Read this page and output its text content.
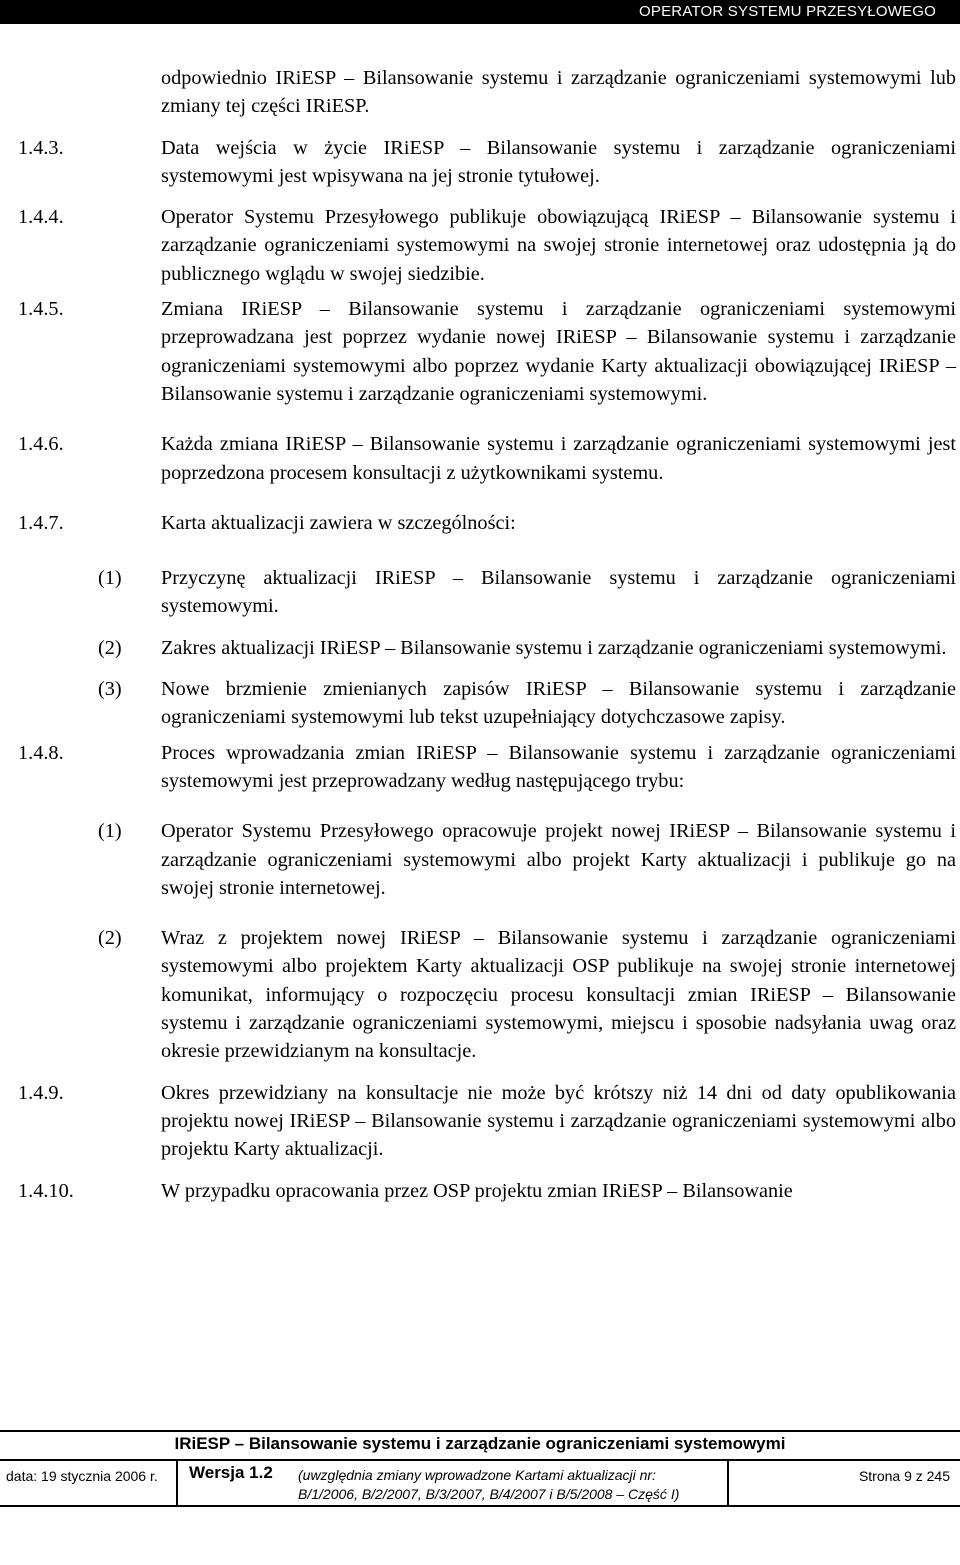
OPERATOR SYSTEMU PRZESYŁOWEGO
odpowiednio IRiESP – Bilansowanie systemu i zarządzanie ograniczeniami systemowymi lub zmiany tej części IRiESP.
1.4.3.	Data wejścia w życie IRiESP – Bilansowanie systemu i zarządzanie ograniczeniami systemowymi jest wpisywana na jej stronie tytułowej.
1.4.4.	Operator Systemu Przesyłowego publikuje obowiązującą IRiESP – Bilansowanie systemu i zarządzanie ograniczeniami systemowymi na swojej stronie internetowej oraz udostępnia ją do publicznego wglądu w swojej siedzibie.
1.4.5.	Zmiana IRiESP – Bilansowanie systemu i zarządzanie ograniczeniami systemowymi przeprowadzana jest poprzez wydanie nowej IRiESP – Bilansowanie systemu i zarządzanie ograniczeniami systemowymi albo poprzez wydanie Karty aktualizacji obowiązującej IRiESP – Bilansowanie systemu i zarządzanie ograniczeniami systemowymi.
1.4.6.	Każda zmiana IRiESP – Bilansowanie systemu i zarządzanie ograniczeniami systemowymi jest poprzedzona procesem konsultacji z użytkownikami systemu.
1.4.7.	Karta aktualizacji zawiera w szczególności:
(1) Przyczynę aktualizacji IRiESP – Bilansowanie systemu i zarządzanie ograniczeniami systemowymi.
(2) Zakres aktualizacji IRiESP – Bilansowanie systemu i zarządzanie ograniczeniami systemowymi.
(3) Nowe brzmienie zmienianych zapisów IRiESP – Bilansowanie systemu i zarządzanie ograniczeniami systemowymi lub tekst uzupełniający dotychczasowe zapisy.
1.4.8.	Proces wprowadzania zmian IRiESP – Bilansowanie systemu i zarządzanie ograniczeniami systemowymi jest przeprowadzany według następującego trybu:
(1) Operator Systemu Przesyłowego opracowuje projekt nowej IRiESP – Bilansowanie systemu i zarządzanie ograniczeniami systemowymi albo projekt Karty aktualizacji i publikuje go na swojej stronie internetowej.
(2) Wraz z projektem nowej IRiESP – Bilansowanie systemu i zarządzanie ograniczeniami systemowymi albo projektem Karty aktualizacji OSP publikuje na swojej stronie internetowej komunikat, informujący o rozpoczęciu procesu konsultacji zmian IRiESP – Bilansowanie systemu i zarządzanie ograniczeniami systemowymi, miejscu i sposobie nadsyłania uwag oraz okresie przewidzianym na konsultacje.
1.4.9.	Okres przewidziany na konsultacje nie może być krótszy niż 14 dni od daty opublikowania projektu nowej IRiESP – Bilansowanie systemu i zarządzanie ograniczeniami systemowymi albo projektu Karty aktualizacji.
1.4.10.	W przypadku opracowania przez OSP projektu zmian IRiESP – Bilansowanie
IRiESP – Bilansowanie systemu i zarządzanie ograniczeniami systemowymi
data: 19 stycznia 2006 r. Wersja 1.2 (uwzględnia zmiany wprowadzone Kartami aktualizacji nr: B/1/2006, B/2/2007, B/3/2007, B/4/2007 i B/5/2008 – Część I)
Strona 9 z 245
